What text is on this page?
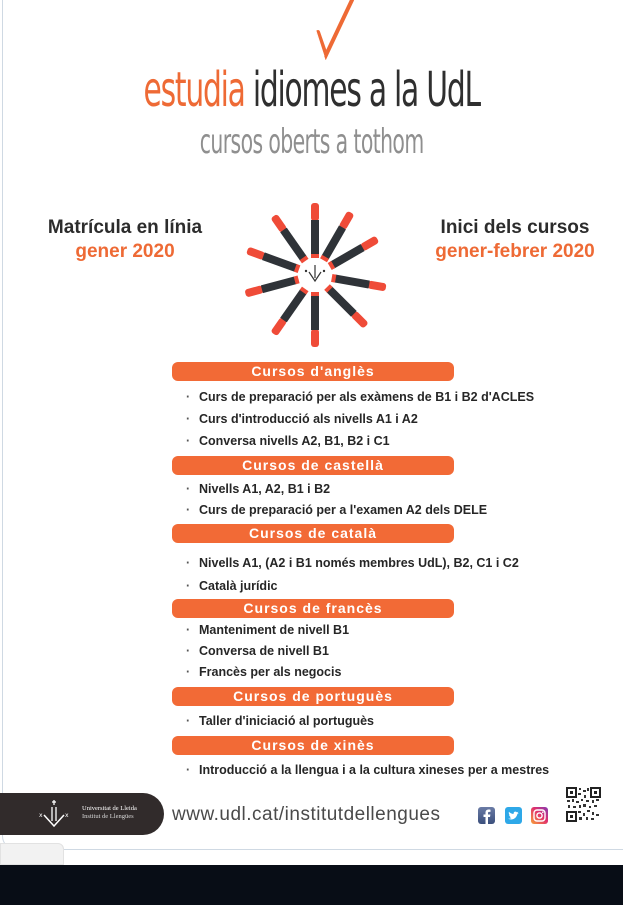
estudia idiomes a la UdL
cursos oberts a tothom
Matrícula en línia
gener 2020
Inici dels cursos
gener-febrer 2020
Cursos d'anglès
· Curs de preparació per als exàmens de B1 i B2 d'ACLES
· Curs d'introducció als nivells A1 i A2
· Conversa nivells A2, B1, B2 i C1
Cursos de castellà
· Nivells A1, A2, B1 i B2
· Curs de preparació per a l'examen A2 dels DELE
Cursos de català
· Nivells A1, (A2 i B1 només membres UdL), B2, C1 i C2
· Català jurídic
Cursos de francès
· Manteniment de nivell B1
· Conversa de nivell B1
· Francès per als negocis
Cursos de portuguès
· Taller d'iniciació al portuguès
Cursos de xinès
· Introducció a la llengua i a la cultura xineses per a mestres
x	x
Universitat de Lleida
Institut de Llengües www.udl.cat/institutdellengues
